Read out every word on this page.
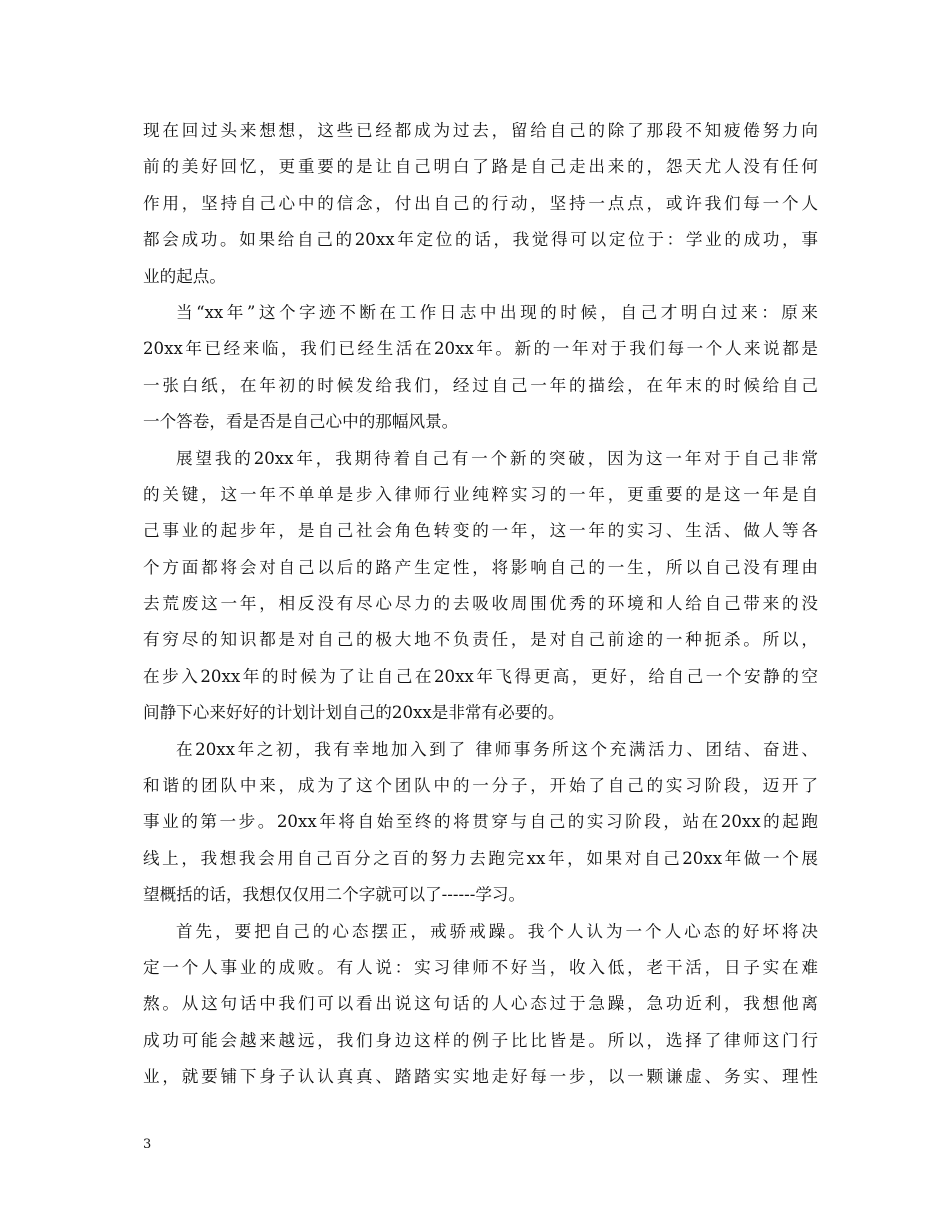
现在回过头来想想，这些已经都成为过去，留给自己的除了那段不知疲倦努力向
前的美好回忆，更重要的是让自己明白了路是自己走出来的，怨天尤人没有任何
作用，坚持自己心中的信念，付出自己的行动，坚持一点点，或许我们每一个人
都会成功。如果给自己的20xx年定位的话，我觉得可以定位于：学业的成功，事
业的起点。
当“xx年”这个字迹不断在工作日志中出现的时候，自己才明白过来：原来
20xx年已经来临，我们已经生活在20xx年。新的一年对于我们每一个人来说都是
一张白纸，在年初的时候发给我们，经过自己一年的描绘，在年末的时候给自己
一个答卷，看是否是自己心中的那幅风景。
展望我的20xx年，我期待着自己有一个新的突破，因为这一年对于自己非常
的关键，这一年不单单是步入律师行业纯粹实习的一年，更重要的是这一年是自
己事业的起步年，是自己社会角色转变的一年，这一年的实习、生活、做人等各
个方面都将会对自己以后的路产生定性，将影响自己的一生，所以自己没有理由
去荒废这一年，相反没有尽心尽力的去吸收周围优秀的环境和人给自己带来的没
有穷尽的知识都是对自己的极大地不负责任，是对自己前途的一种扼杀。所以，
在步入20xx年的时候为了让自己在20xx年飞得更高，更好，给自己一个安静的空
间静下心来好好的计划计划自己的20xx是非常有必要的。
在20xx年之初，我有幸地加入到了 律师事务所这个充满活力、团结、奋进、
和谐的团队中来，成为了这个团队中的一分子，开始了自己的实习阶段，迈开了
事业的第一步。20xx年将自始至终的将贯穿与自己的实习阶段，站在20xx的起跑
线上，我想我会用自己百分之百的努力去跑完xx年，如果对自己20xx年做一个展
望概括的话，我想仅仅用二个字就可以了------学习。
首先，要把自己的心态摆正，戒骄戒躁。我个人认为一个人心态的好坏将决
定一个人事业的成败。有人说：实习律师不好当，收入低，老干活，日子实在难
熬。从这句话中我们可以看出说这句话的人心态过于急躁，急功近利，我想他离
成功可能会越来越远，我们身边这样的例子比比皆是。所以，选择了律师这门行
业，就要铺下身子认认真真、踏踏实实地走好每一步，以一颗谦虚、务实、理性
3
